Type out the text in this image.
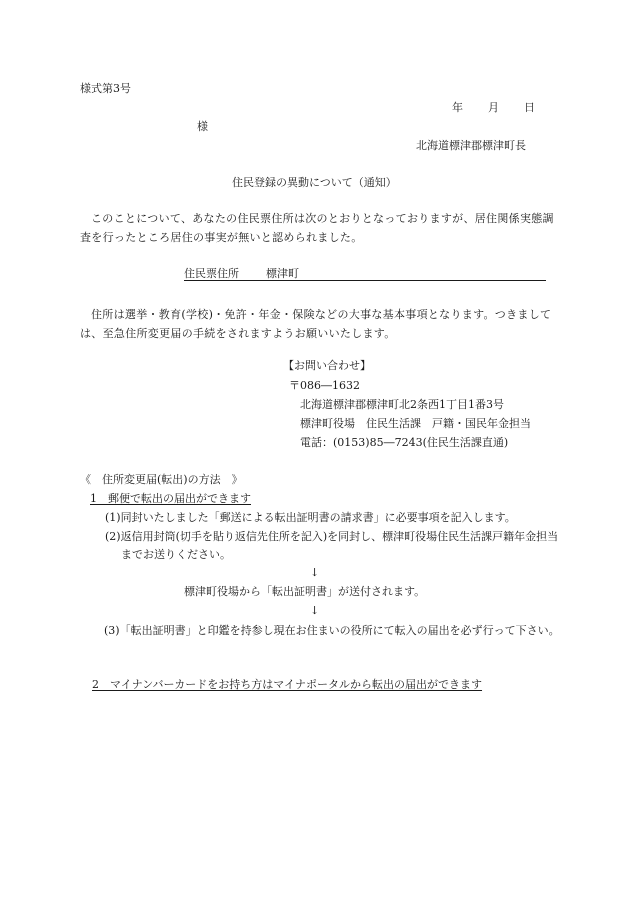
様式第3号
年 月 日
様
北海道標津郡標津町長
住民登録の異動について（通知）
このことについて、あなたの住民票住所は次のとおりとなっておりますが、居住関係実態調査を行ったところ居住の事実が無いと認められました。
住民票住所 標津町
住所は選挙・教育(学校)・免許・年金・保険などの大事な基本事項となります。つきましては、至急住所変更届の手続をされますようお願いいたします。
【お問い合わせ】
〒086―1632
北海道標津郡標津町北2条西1丁目1番3号
標津町役場　住民生活課　戸籍・国民年金担当
電話：(0153)85―7243(住民生活課直通)
《　住所変更届(転出)の方法　》
1　郵便で転出の届出ができます
(1)同封いたしました「郵送による転出証明書の請求書」に必要事項を記入します。
(2)返信用封筒(切手を貼り返信先住所を記入)を同封し、標津町役場住民生活課戸籍年金担当までお送りください。
↓
標津町役場から「転出証明書」が送付されます。
↓
(3)「転出証明書」と印鑑を持参し現在お住まいの役所にて転入の届出を必ず行って下さい。
2　マイナンバーカードをお持ち方はマイナポータルから転出の届出ができます
